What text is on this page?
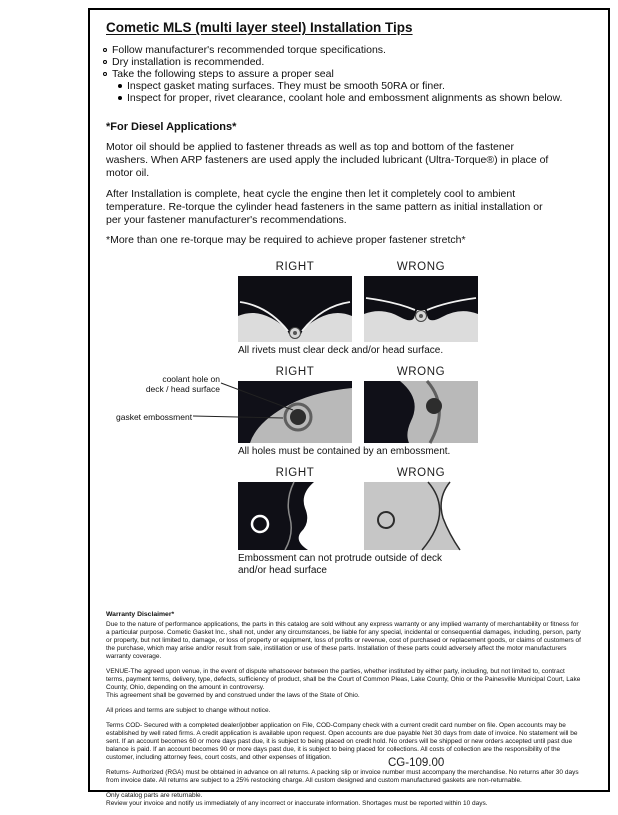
Cometic MLS (multi layer steel) Installation Tips
Follow manufacturer's recommended torque specifications.
Dry installation is recommended.
Take the following steps to assure a proper seal
Inspect gasket mating surfaces. They must be smooth 50RA or finer.
Inspect for proper, rivet clearance, coolant hole and embossment alignments as shown below.
*For Diesel Applications*

Motor oil should be applied to fastener threads as well as top and bottom of the fastener washers. When ARP fasteners are used apply the included lubricant (Ultra-Torque®) in place of motor oil.

After Installation is complete, heat cycle the engine then let it completely cool to ambient temperature. Re-torque the cylinder head fasteners in the same pattern as initial installation or per your fastener manufacturer's recommendations.

*More than one re-torque may be required to achieve proper fastener stretch*

RIGHT	WRONG
All rivets must clear deck and/or head surface.
RIGHT	WRONG
coolant hole on
deck / head surface
gasket embossment
All holes must be contained by an embossment.
RIGHT	WRONG
Embossment can not protrude outside of deck
and/or head surface
Warranty Disclaimer*

Due to the nature of performance applications, the parts in this catalog are sold without any express warranty or any implied warranty of merchantability or fitness for a particular purpose. Cometic Gasket Inc., shall not, under any circumstances, be liable for any special, incidental or consequential damages, including, person, party or property, but not limited to, damage, or loss of property or equipment, loss of profits or revenue, cost of purchased or replacement goods, or claims of customers of the purchase, which may arise and/or result from sale, instillation or use of these parts. Installation of these parts could adversely affect the motor manufacturers warranty coverage.

VENUE-The agreed upon venue, in the event of dispute whatsoever between the parties, whether instituted by either party, including, but not limited to, contract terms, payment terms, delivery, type, defects, sufficiency of product, shall be the Court of Common Pleas, Lake County, Ohio or the Painesville Municipal Court, Lake County, Ohio, depending on the amount in controversy.

This agreement shall be governed by and construed under the laws of the State of Ohio.

All prices and terms are subject to change without notice.

Terms COD- Secured with a completed dealer/jobber application on File, COD-Company check with a current credit card number on file. Open accounts may be established by well rated firms. A credit application is available upon request. Open accounts are due payable Net 30 days from date of invoice. No statement will be sent. If an account becomes 60 or more days past due, it is subject to being placed on credit hold. No orders will be shipped or new orders accepted until past due balance is paid. If an account becomes 90 or more days past due, it is subject to being placed for collections. All costs of collection are the responsibility of the customer, including attorney fees, court costs, and other expenses of litigation.

Returns- Authorized (RGA) must be obtained in advance on all returns. A packing slip or invoice number must accompany the merchandise. No returns after 30 days from invoice date. All returns are subject to a 25% restocking charge. All custom designed and custom manufactured gaskets are non-returnable.

Only catalog parts are returnable.

Review your invoice and notify us immediately of any incorrect or inaccurate information. Shortages must be reported within 10 days.

CG-109.00
